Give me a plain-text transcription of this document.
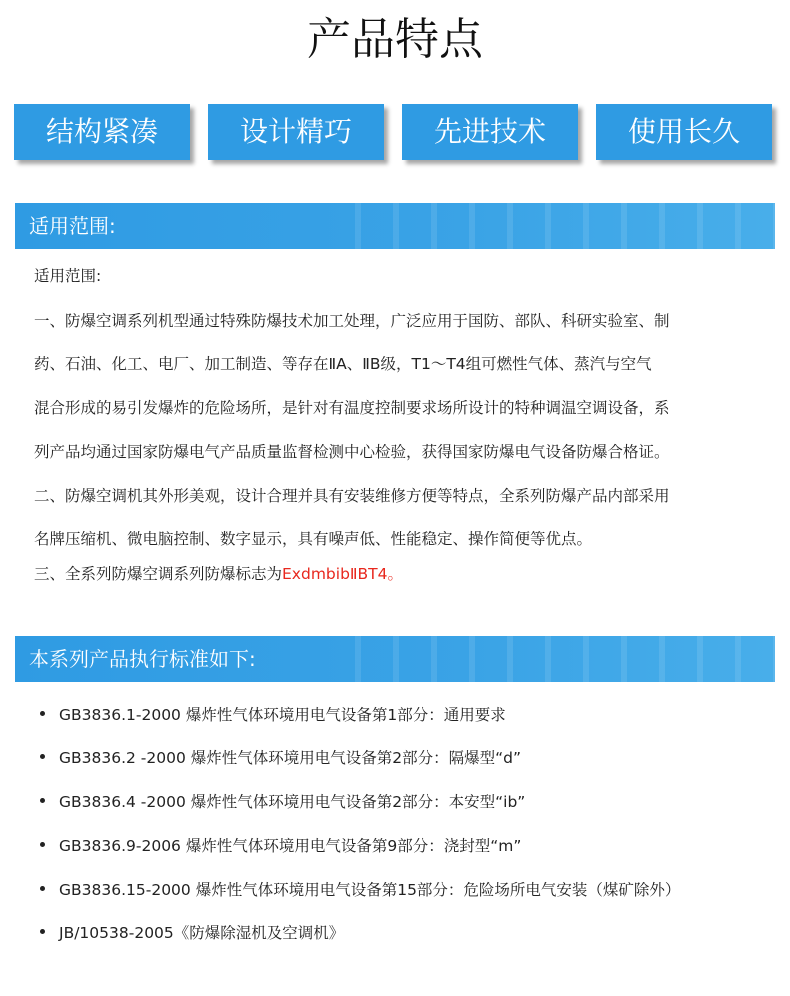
产品特点
结构紧凑	设计精巧	先进技术	使用长久
适用范围:
适用范围:
一、防爆空调系列机型通过特殊防爆技术加工处理，广泛应用于国防、部队、科研实验室、制
药、石油、化工、电厂、加工制造、等存在ⅡA、ⅡB级，T1～T4组可燃性气体、蒸汽与空气
混合形成的易引发爆炸的危险场所，是针对有温度控制要求场所设计的特种调温空调设备，系
列产品均通过国家防爆电气产品质量监督检测中心检验，获得国家防爆电气设备防爆合格证。
二、防爆空调机其外形美观，设计合理并具有安装维修方便等特点，全系列防爆产品内部采用
名牌压缩机、微电脑控制、数字显示，具有噪声低、性能稳定、操作简便等优点。
三、全系列防爆空调系列防爆标志为ExdmbibⅡBT4。
本系列产品执行标准如下:
GB3836.1-2000 爆炸性气体环境用电气设备第1部分：通用要求
GB3836.2 -2000 爆炸性气体环境用电气设备第2部分：隔爆型“d”
GB3836.4 -2000 爆炸性气体环境用电气设备第2部分：本安型“ib”
GB3836.9-2006 爆炸性气体环境用电气设备第9部分：浇封型“m”
GB3836.15-2000 爆炸性气体环境用电气设备第15部分：危险场所电气安装（煤矿除外）
JB/10538-2005《防爆除湿机及空调机》
